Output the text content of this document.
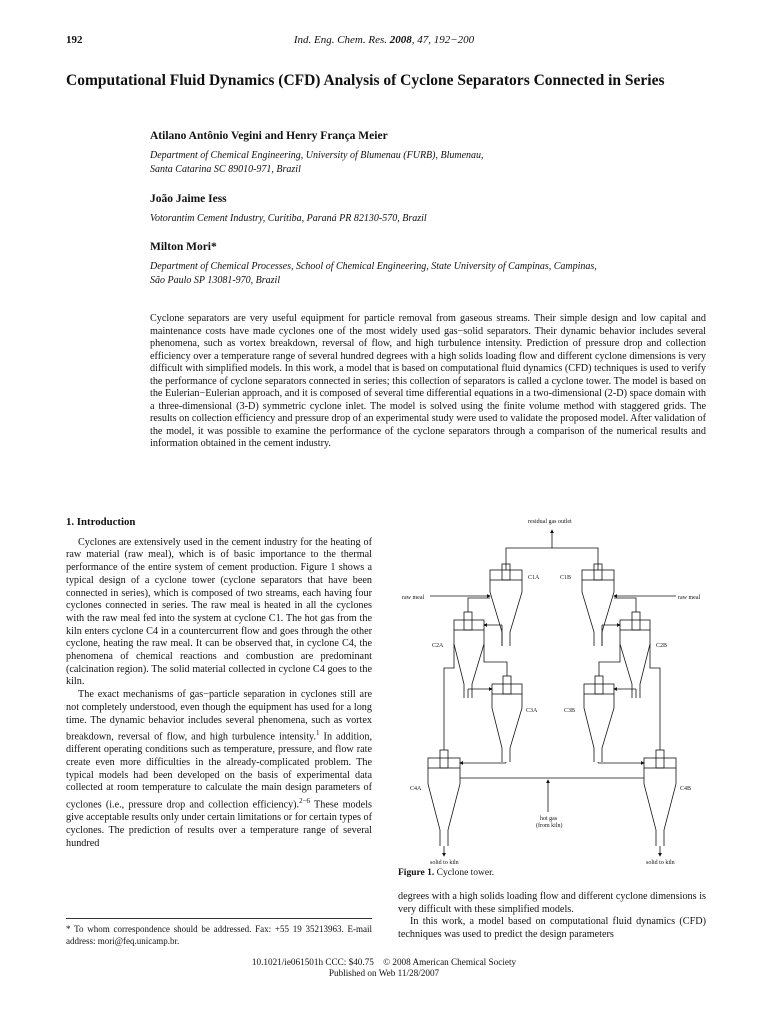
192	Ind. Eng. Chem. Res. 2008, 47, 192−200
Computational Fluid Dynamics (CFD) Analysis of Cyclone Separators Connected in Series
Atilano Antônio Vegini and Henry França Meier
Department of Chemical Engineering, University of Blumenau (FURB), Blumenau,
Santa Catarina SC 89010-971, Brazil
João Jaime Iess
Votorantim Cement Industry, Curitiba, Paraná PR 82130-570, Brazil
Milton Mori*
Department of Chemical Processes, School of Chemical Engineering, State University of Campinas, Campinas,
São Paulo SP 13081-970, Brazil
Cyclone separators are very useful equipment for particle removal from gaseous streams. Their simple design and low capital and maintenance costs have made cyclones one of the most widely used gas−solid separators. Their dynamic behavior includes several phenomena, such as vortex breakdown, reversal of flow, and high turbulence intensity. Prediction of pressure drop and collection efficiency over a temperature range of several hundred degrees with a high solids loading flow and different cyclone dimensions is very difficult with simplified models. In this work, a model that is based on computational fluid dynamics (CFD) techniques is used to verify the performance of cyclone separators connected in series; this collection of separators is called a cyclone tower. The model is based on the Eulerian−Eulerian approach, and it is composed of several time differential equations in a two-dimensional (2-D) space domain with a three-dimensional (3-D) symmetric cyclone inlet. The model is solved using the finite volume method with staggered grids. The results on collection efficiency and pressure drop of an experimental study were used to validate the proposed model. After validation of the model, it was possible to examine the performance of the cyclone separators through a comparison of the numerical results and information obtained in the cement industry.
1. Introduction

Cyclones are extensively used in the cement industry for the heating of raw material (raw meal), which is of basic importance to the thermal performance of the entire system of cement production. Figure 1 shows a typical design of a cyclone tower (cyclone separators that have been connected in series), which is composed of two streams, each having four cyclones connected in series. The raw meal is heated in all the cyclones with the raw meal fed into the system at cyclone C1. The hot gas from the kiln enters cyclone C4 in a countercurrent flow and goes through the other cyclone, heating the raw meal. It can be observed that, in cyclone C4, the phenomena of chemical reactions and combustion are predominant (calcination region). The solid material collected in cyclone C4 goes to the kiln.

The exact mechanisms of gas−particle separation in cyclones still are not completely understood, even though the equipment has used for a long time. The dynamic behavior includes several phenomena, such as vortex breakdown, reversal of flow, and high turbulence intensity.$^1$ In addition, different operating conditions such as temperature, pressure, and flow rate create even more difficulties in the already-complicated problem. The typical models had been developed on the basis of experimental data collected at room temperature to calculate the main design parameters of cyclones (i.e., pressure drop and collection efficiency).$^{2-6}$ These models give acceptable results only under certain limitations or for certain types of cyclones. The prediction of results over a temperature range of several hundred

residual gas outlet
raw meal	raw meal
C1A	C1B
C2A	C2B
C3A	C3B
C4A	C4B
hot gas
(from kiln)
solid to kiln	solid to kiln
Figure 1. Cyclone tower.

degrees with a high solids loading flow and different cyclone dimensions is very difficult with these simplified models.

In this work, a model based on computational fluid dynamics (CFD) techniques was used to predict the design parameters

* To whom correspondence should be addressed. Fax: +55 19 35213963. E-mail address: mori@feq.unicamp.br.
10.1021/ie061501h CCC: $40.75    © 2008 American Chemical Society
Published on Web 11/28/2007
